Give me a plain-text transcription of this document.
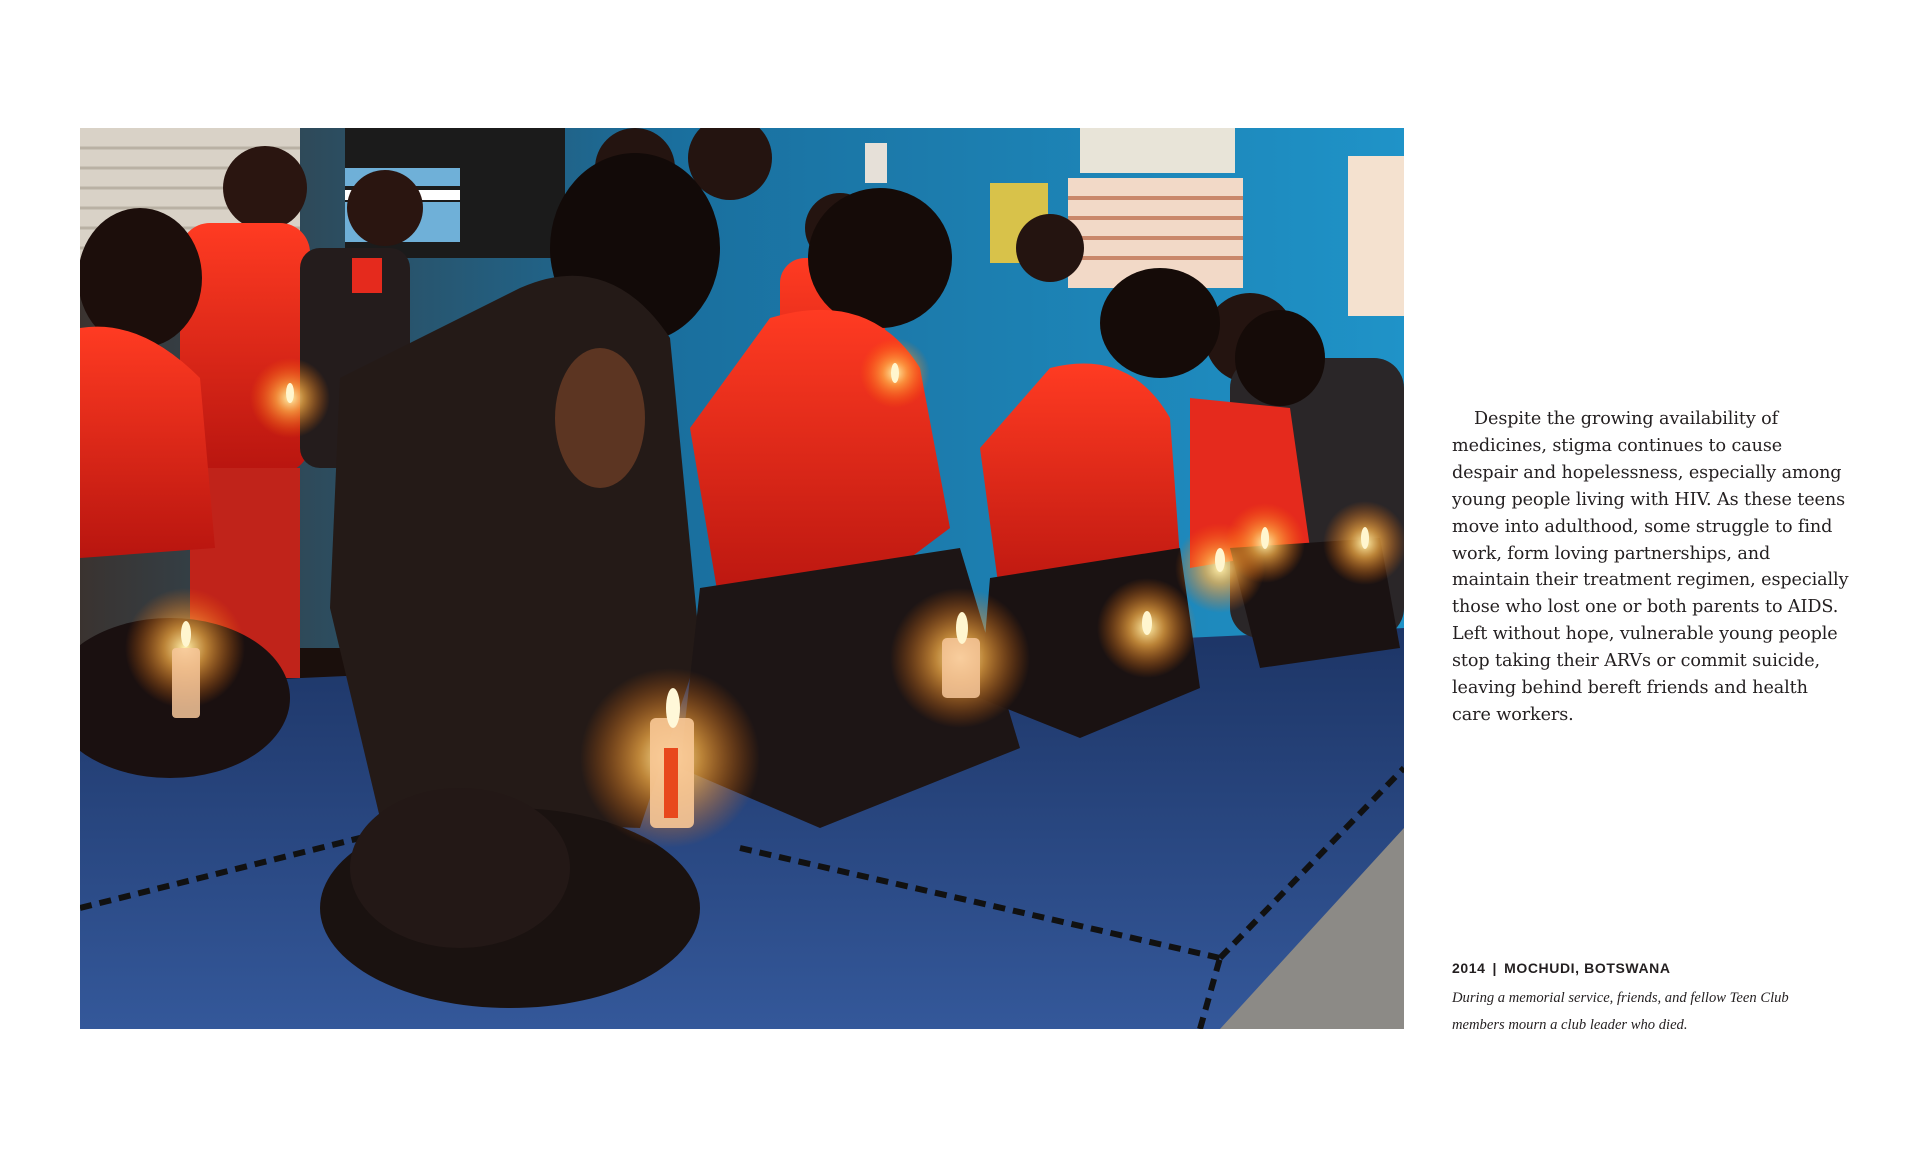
Despite the growing availability of medicines, stigma continues to cause despair and hopelessness, especially among young people living with HIV. As these teens move into adulthood, some struggle to find work, form loving partnerships, and maintain their treatment regimen, especially those who lost one or both parents to AIDS. Left without hope, vulnerable young people stop taking their ARVs or commit suicide, leaving behind bereft friends and health care workers.

2014 | MOCHUDI, BOTSWANA

During a memorial service, friends, and fellow Teen Club members mourn a club leader who died.
